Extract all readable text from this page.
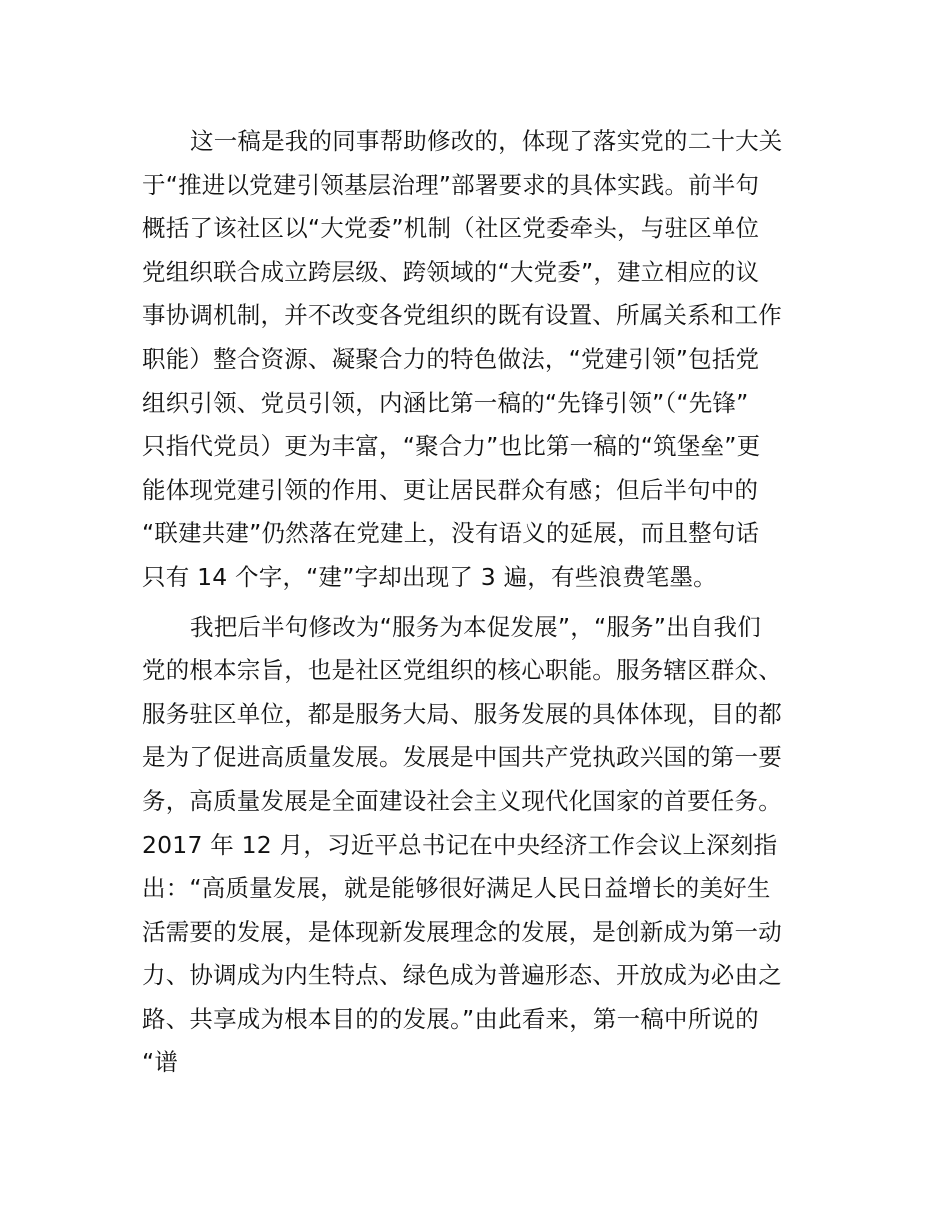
这一稿是我的同事帮助修改的，体现了落实党的二十大关
于“推进以党建引领基层治理”部署要求的具体实践。前半句
概括了该社区以“大党委”机制（社区党委牵头，与驻区单位
党组织联合成立跨层级、跨领域的“大党委”，建立相应的议
事协调机制，并不改变各党组织的既有设置、所属关系和工作
职能）整合资源、凝聚合力的特色做法，“党建引领”包括党
组织引领、党员引领，内涵比第一稿的“先锋引领”（“先锋”
只指代党员）更为丰富，“聚合力”也比第一稿的“筑堡垒”更
能体现党建引领的作用、更让居民群众有感；但后半句中的
“联建共建”仍然落在党建上，没有语义的延展，而且整句话
只有 14 个字，“建”字却出现了 3 遍，有些浪费笔墨。
我把后半句修改为“服务为本促发展”，“服务”出自我们
党的根本宗旨，也是社区党组织的核心职能。服务辖区群众、
服务驻区单位，都是服务大局、服务发展的具体体现，目的都
是为了促进高质量发展。发展是中国共产党执政兴国的第一要
务，高质量发展是全面建设社会主义现代化国家的首要任务。
2017 年 12 月，习近平总书记在中央经济工作会议上深刻指
出：“高质量发展，就是能够很好满足人民日益增长的美好生
活需要的发展，是体现新发展理念的发展，是创新成为第一动
力、协调成为内生特点、绿色成为普遍形态、开放成为必由之
路、共享成为根本目的的发展。”由此看来，第一稿中所说的
“谱
